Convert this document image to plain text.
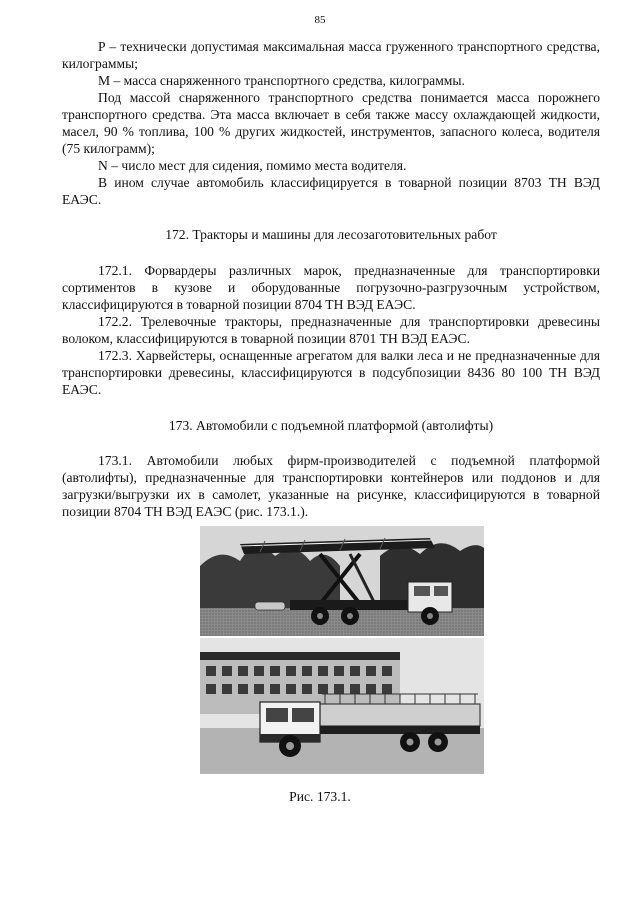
85

P – технически допустимая максимальная масса груженного транспортного средства, килограммы;

M – масса снаряженного транспортного средства, килограммы.

Под массой снаряженного транспортного средства понимается масса порожнего транспортного средства. Эта масса включает в себя также массу охлаждающей жидкости, масел, 90 % топлива, 100 % других жидкостей, инструментов, запасного колеса, водителя (75 килограмм);

N – число мест для сидения, помимо места водителя.

В ином случае автомобиль классифицируется в товарной позиции 8703 ТН ВЭД ЕАЭС.

172. Тракторы и машины для лесозаготовительных работ

172.1. Форвардеры различных марок, предназначенные для транспортировки сортиментов в кузове и оборудованные погрузочно-разгрузочным устройством, классифицируются в товарной позиции 8704 ТН ВЭД ЕАЭС.

172.2. Трелевочные тракторы, предназначенные для транспортировки древесины волоком, классифицируются в товарной позиции 8701 ТН ВЭД ЕАЭС.

172.3. Харвейстеры, оснащенные агрегатом для валки леса и не предназначенные для транспортировки древесины, классифицируются в подсубпозиции 8436 80 100 ТН ВЭД ЕАЭС.

173. Автомобили с подъемной платформой (автолифты)

173.1. Автомобили любых фирм-производителей с подъемной платформой (автолифты), предназначенные для транспортировки контейнеров или поддонов и для загрузки/выгрузки их в самолет, указанные на рисунке, классифицируются в товарной позиции 8704 ТН ВЭД ЕАЭС (рис. 173.1.).

Рис. 173.1.
